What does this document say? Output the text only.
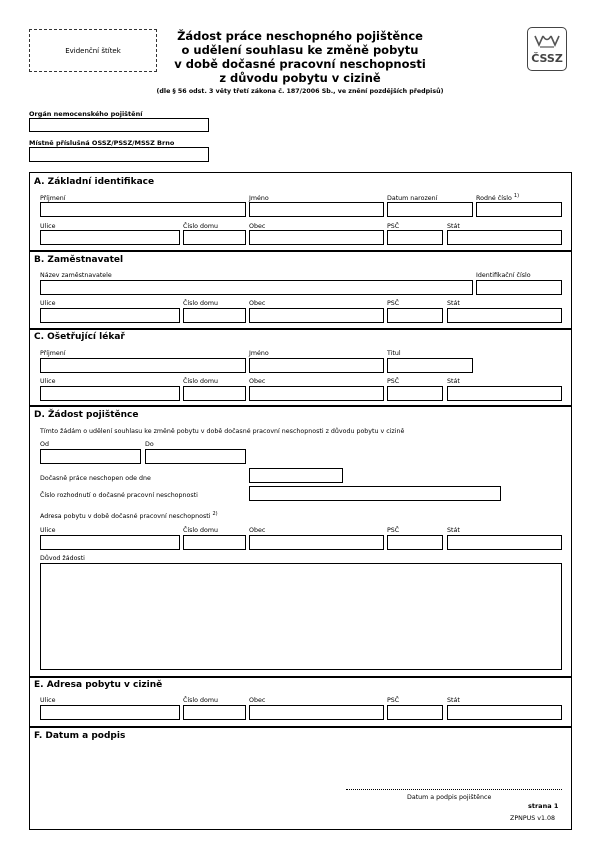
Evidenční štítek
Žádost práce neschopného pojištěnce
o udělení souhlasu ke změně pobytu
v době dočasné pracovní neschopnosti
z důvodu pobytu v cizině
(dle § 56 odst. 3 věty třetí zákona č. 187/2006 Sb., ve znění pozdějších předpisů)
ČSSZ
Orgán nemocenského pojištění
Místně příslušná OSSZ/PSSZ/MSSZ Brno
A. Základní identifikace
Příjmení	Jméno	Datum narození	Rodné číslo $^{1)}$
Ulice	Číslo domu	Obec	PSČ	Stát
B. Zaměstnavatel
Název zaměstnavatele	Identifikační číslo
Ulice	Číslo domu	Obec	PSČ	Stát
C. Ošetřující lékař
Příjmení	Jméno	Titul
Ulice	Číslo domu	Obec	PSČ	Stát
D. Žádost pojištěnce
Tímto žádám o udělení souhlasu ke změně pobytu v době dočasné pracovní neschopnosti z důvodu pobytu v cizině
Od	Do
Dočasně práce neschopen ode dne
Číslo rozhodnutí o dočasné pracovní neschopnosti
Adresa pobytu v době dočasné pracovní neschopnosti $^{2)}$
Ulice	Číslo domu	Obec	PSČ	Stát
Důvod žádosti
E. Adresa pobytu v cizině
Ulice	Číslo domu	Obec	PSČ	Stát
F. Datum a podpis
Datum a podpis pojištěnce
strana 1
ZPNPUS v1.08
